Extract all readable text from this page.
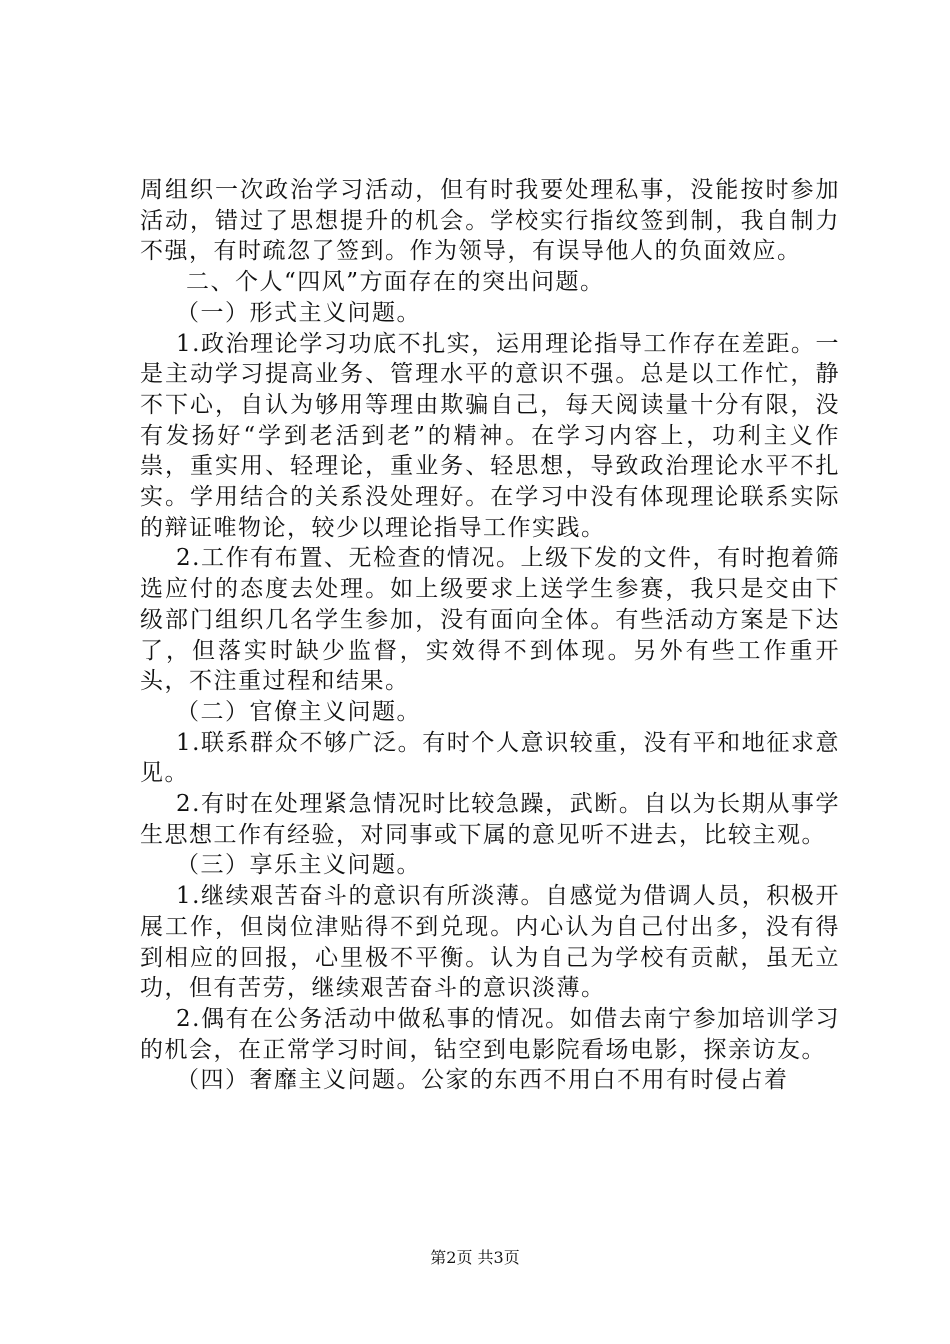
周组织一次政治学习活动，但有时我要处理私事，没能按时参加活动，错过了思想提升的机会。学校实行指纹签到制，我自制力不强，有时疏忽了签到。作为领导，有误导他人的负面效应。

二、个人“四风”方面存在的突出问题。

（一）形式主义问题。

1.政治理论学习功底不扎实，运用理论指导工作存在差距。一是主动学习提高业务、管理水平的意识不强。总是以工作忙，静不下心，自认为够用等理由欺骗自己，每天阅读量十分有限，没有发扬好“学到老活到老”的精神。在学习内容上，功利主义作祟，重实用、轻理论，重业务、轻思想，导致政治理论水平不扎实。学用结合的关系没处理好。在学习中没有体现理论联系实际的辩证唯物论，较少以理论指导工作实践。

2.工作有布置、无检查的情况。上级下发的文件，有时抱着筛选应付的态度去处理。如上级要求上送学生参赛，我只是交由下级部门组织几名学生参加，没有面向全体。有些活动方案是下达了，但落实时缺少监督，实效得不到体现。另外有些工作重开头，不注重过程和结果。

（二）官僚主义问题。

1.联系群众不够广泛。有时个人意识较重，没有平和地征求意见。

2.有时在处理紧急情况时比较急躁，武断。自以为长期从事学生思想工作有经验，对同事或下属的意见听不进去，比较主观。

（三）享乐主义问题。

1.继续艰苦奋斗的意识有所淡薄。自感觉为借调人员，积极开展工作，但岗位津贴得不到兑现。内心认为自己付出多，没有得到相应的回报，心里极不平衡。认为自己为学校有贡献，虽无立功，但有苦劳，继续艰苦奋斗的意识淡薄。

2.偶有在公务活动中做私事的情况。如借去南宁参加培训学习的机会，在正常学习时间，钻空到电影院看场电影，探亲访友。

（四）奢靡主义问题。公家的东西不用白不用有时侵占着

第2页 共3页
